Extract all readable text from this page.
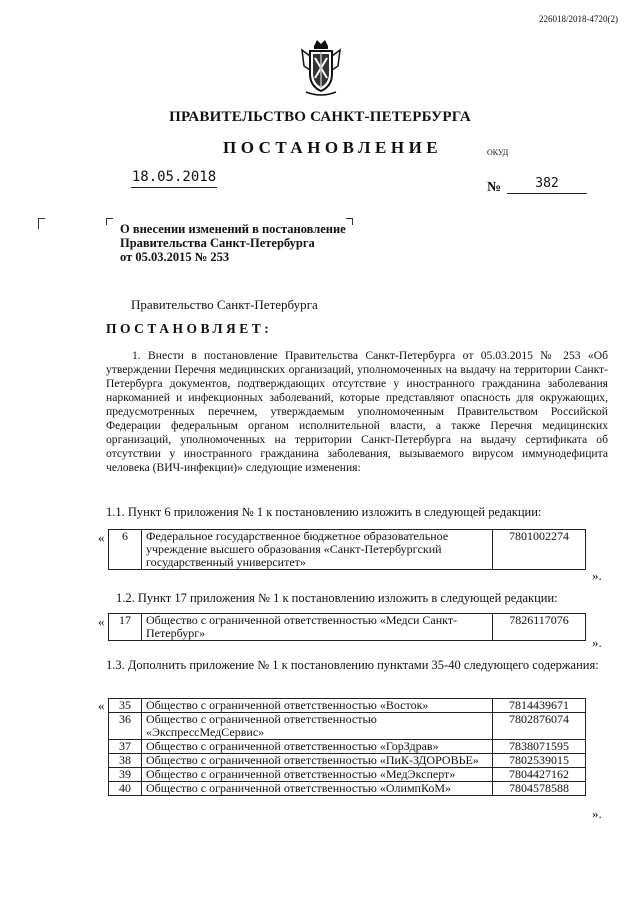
226018/2018-4720(2)
ПРАВИТЕЛЬСТВО САНКТ-ПЕТЕРБУРГА
ПОСТАНОВЛЕНИЕ	ОКУД
18.05.2018
№	382
О внесении изменений в постановление
Правительства Санкт-Петербурга
от 05.03.2015 № 253
Правительство Санкт-Петербурга
ПОСТАНОВЛЯЕТ:
1. Внести в постановление Правительства Санкт-Петербурга от 05.03.2015 № 253 «Об утверждении Перечня медицинских организаций, уполномоченных на выдачу на территории Санкт-Петербурга документов, подтверждающих отсутствие у иностранного гражданина заболевания наркоманией и инфекционных заболеваний, которые представляют опасность для окружающих, предусмотренных перечнем, утверждаемым уполномоченным Правительством Российской Федерации федеральным органом исполнительной власти, а также Перечня медицинских организаций, уполномоченных на территории Санкт-Петербурга на выдачу сертификата об отсутствии у иностранного гражданина заболевания, вызываемого вирусом иммунодефицита человека (ВИЧ-инфекции)» следующие изменения:
1.1. Пункт 6 приложения № 1 к постановлению изложить в следующей редакции:
« 6	Федеральное государственное бюджетное образовательное учреждение высшего образования «Санкт-Петербургский государственный университет»	7801002274
».
1.2. Пункт 17 приложения № 1 к постановлению изложить в следующей редакции:
« 17	Общество с ограниченной ответственностью «Медси Санкт-Петербург»	7826117076
».
1.3. Дополнить приложение № 1 к постановлению пунктами 35-40 следующего содержания:
« 35	Общество с ограниченной ответственностью «Восток»	7814439671
36	Общество с ограниченной ответственностью «ЭкспрессМедСервис»	7802876074
37	Общество с ограниченной ответственностью «ГорЗдрав»	7838071595
38	Общество с ограниченной ответственностью «ПиК-ЗДОРОВЬЕ»	7802539015
39	Общество с ограниченной ответственностью «МедЭксперт»	7804427162
40	Общество с ограниченной ответственностью «ОлимпКоМ»	7804578588
».
